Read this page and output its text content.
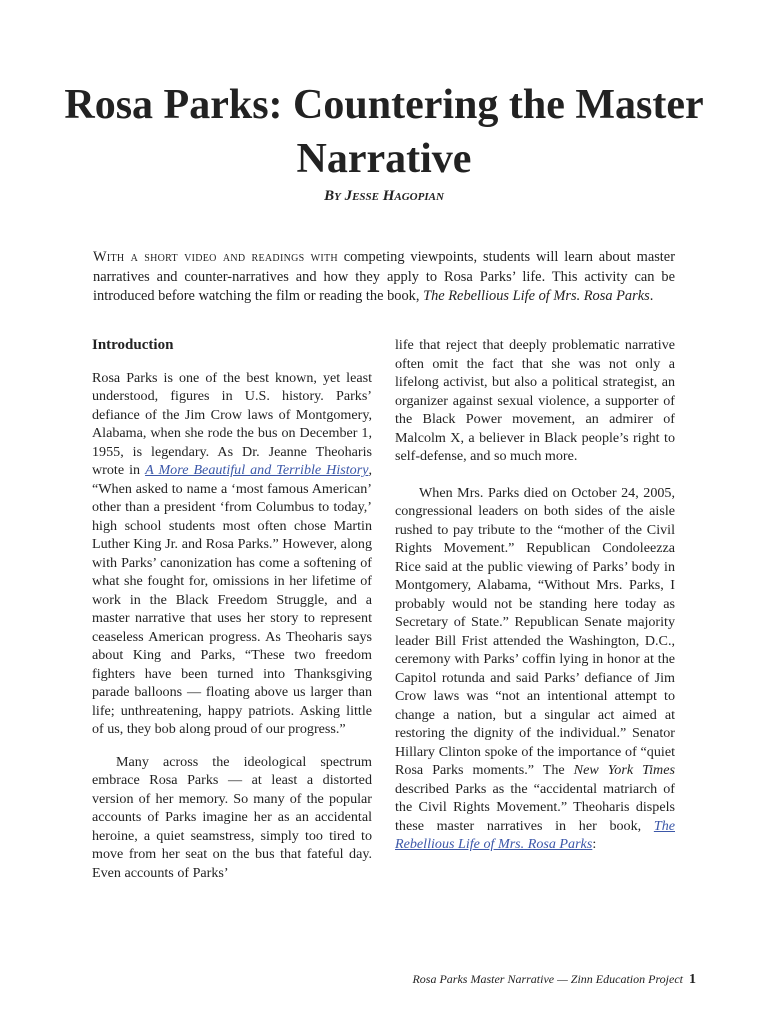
Rosa Parks: Countering the Master Narrative
By Jesse Hagopian
With a short video and readings with competing viewpoints, students will learn about master narratives and counter-narratives and how they apply to Rosa Parks’ life. This activity can be introduced before watching the film or reading the book, The Rebellious Life of Mrs. Rosa Parks.
Introduction

Rosa Parks is one of the best known, yet least understood, figures in U.S. history. Parks’ defiance of the Jim Crow laws of Montgomery, Alabama, when she rode the bus on December 1, 1955, is legendary. As Dr. Jeanne Theoharis wrote in A More Beautiful and Terrible History, “When asked to name a ‘most famous American’ other than a president ‘from Columbus to today,’ high school students most often chose Martin Luther King Jr. and Rosa Parks.” However, along with Parks’ canonization has come a softening of what she fought for, omissions in her lifetime of work in the Black Freedom Struggle, and a master narrative that uses her story to represent ceaseless American progress. As Theoharis says about King and Parks, “These two freedom fighters have been turned into Thanksgiving parade balloons — floating above us larger than life; unthreatening, happy patriots. Asking little of us, they bob along proud of our progress.”

Many across the ideological spectrum embrace Rosa Parks — at least a distorted version of her memory. So many of the popular accounts of Parks imagine her as an accidental heroine, a quiet seamstress, simply too tired to move from her seat on the bus that fateful day. Even accounts of Parks’

life that reject that deeply problematic narrative often omit the fact that she was not only a lifelong activist, but also a political strategist, an organizer against sexual violence, a supporter of the Black Power movement, an admirer of Malcolm X, a believer in Black people’s right to self-defense, and so much more.

When Mrs. Parks died on October 24, 2005, congressional leaders on both sides of the aisle rushed to pay tribute to the “mother of the Civil Rights Movement.” Republican Condoleezza Rice said at the public viewing of Parks’ body in Montgomery, Alabama, “Without Mrs. Parks, I probably would not be standing here today as Secretary of State.” Republican Senate majority leader Bill Frist attended the Washington, D.C., ceremony with Parks’ coffin lying in honor at the Capitol rotunda and said Parks’ defiance of Jim Crow laws was “not an intentional attempt to change a nation, but a singular act aimed at restoring the dignity of the individual.” Senator Hillary Clinton spoke of the importance of “quiet Rosa Parks moments.” The New York Times described Parks as the “accidental matriarch of the Civil Rights Movement.” Theoharis dispels these master narratives in her book, The Rebellious Life of Mrs. Rosa Parks:

Rosa Parks Master Narrative — Zinn Education Project 1
